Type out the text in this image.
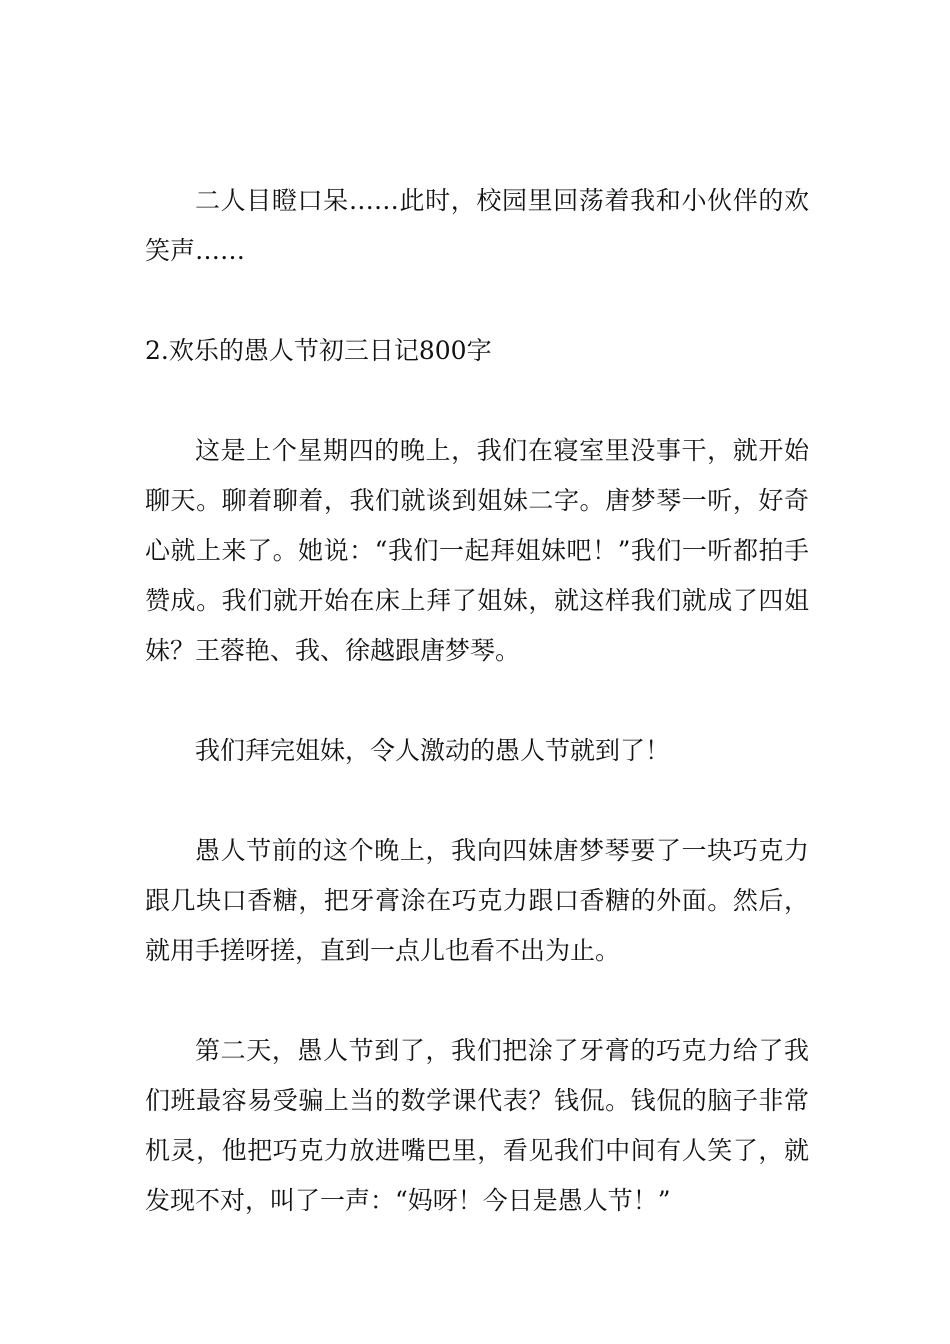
二人目瞪口呆……此时，校园里回荡着我和小伙伴的欢笑声……

2.欢乐的愚人节初三日记800字

这是上个星期四的晚上，我们在寝室里没事干，就开始聊天。聊着聊着，我们就谈到姐妹二字。唐梦琴一听，好奇心就上来了。她说：“我们一起拜姐妹吧！”我们一听都拍手赞成。我们就开始在床上拜了姐妹，就这样我们就成了四姐妹？王蓉艳、我、徐越跟唐梦琴。

我们拜完姐妹，令人激动的愚人节就到了！

愚人节前的这个晚上，我向四妹唐梦琴要了一块巧克力跟几块口香糖，把牙膏涂在巧克力跟口香糖的外面。然后，就用手搓呀搓，直到一点儿也看不出为止。

第二天，愚人节到了，我们把涂了牙膏的巧克力给了我们班最容易受骗上当的数学课代表？钱侃。钱侃的脑子非常机灵，他把巧克力放进嘴巴里，看见我们中间有人笑了，就发现不对，叫了一声：“妈呀！今日是愚人节！”
